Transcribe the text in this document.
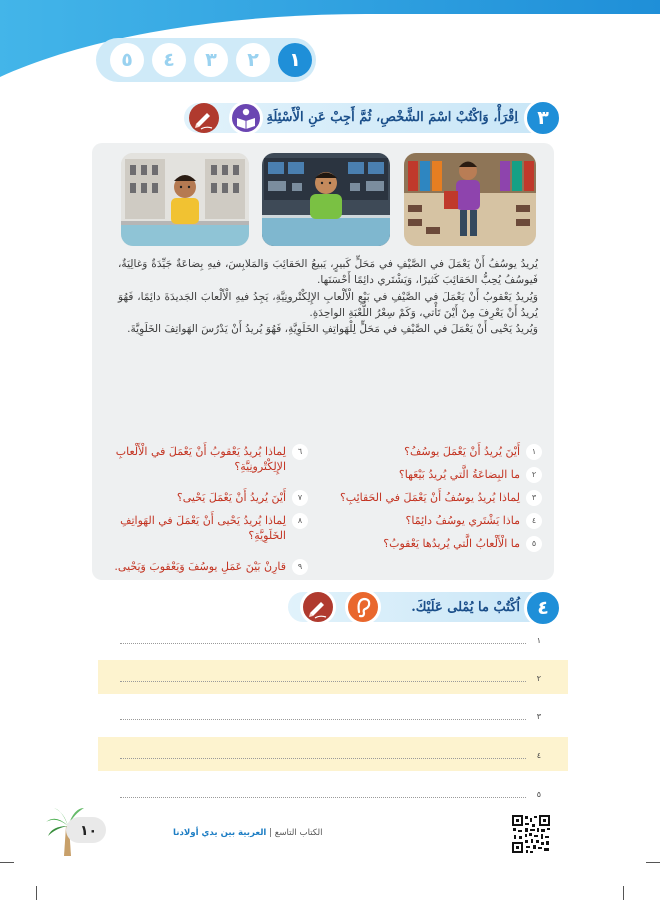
٥	٤	٣	٢	١
اِقْرَأْ، وَاكْتُبْ اسْمَ الشَّخْصِ، ثُمَّ أَجِبْ عَنِ الْأَسْئِلَةِ	٣

يُريدُ يوسُفُ أَنْ يَعْمَلَ في الصَّيْفِ في مَحَلٍّ كَبيرٍ، يَبيعُ الحَقائِبَ وَالمَلابِسَ، فيهِ بِضاعَةٌ جَيِّدَةٌ وَغالِيَةٌ، فَيوسُفُ يُحِبُّ الحَقائِبَ كَثيرًا، وَيَشْتَري دائِمًا أَحْسَنَها.

وَيُريدُ يَعْقوبُ أَنْ يَعْمَلَ في الصَّيْفِ في بَيْعِ الْأَلْعابِ الإِلِكْتْرونِيَّةِ، يَجِدُ فيهِ الْأَلْعابَ الجَديدَةَ دائِمًا، فَهُوَ يُريدُ أَنْ يَعْرِفَ مِنْ أَيْنَ تَأْتي، وَكَمْ سِعْرُ اللُّعْبَةِ الواحِدَةِ.

وَيُريدُ يَحْيى أَنْ يَعْمَلَ في الصَّيْفِ في مَحَلٍّ لِلْهَواتِفِ الخَلَوِيَّةِ، فَهُوَ يُريدُ أَنْ يَدْرُسَ الهَواتِفَ الخَلَوِيَّةَ.

١
أَيْنَ يُريدُ أَنْ يَعْمَلَ يوسُفُ؟
٢
ما البِضاعَةُ الَّتي يُريدُ بَيْعَها؟
٣
لِماذا يُريدُ يوسُفُ أَنْ يَعْمَلَ في الحَقائِبِ؟
٤
ماذا يَشْتَري يوسُفُ دائِمًا؟
٥
ما الْأَلْعابُ الَّتي يُريدُها يَعْقوبُ؟
٦
لِماذا يُريدُ يَعْقوبُ أَنْ يَعْمَلَ في الْأَلْعابِ الإِلِكْتْرونِيَّةِ؟
٧
أَيْنَ يُريدُ أَنْ يَعْمَلَ يَحْيى؟
٨
لِماذا يُريدُ يَحْيى أَنْ يَعْمَلَ في الهَواتِفِ الخَلَوِيَّةِ؟
٩
قارِنْ بَيْنَ عَمَلِ يوسُفَ وَيَعْقوبَ وَيَحْيى.
اُكْتُبْ ما يُمْلى عَلَيْكَ. ٤
١
٢
٣
٤
٥
١٠	الكتاب التاسع | العربية بين يدي أولادنا
